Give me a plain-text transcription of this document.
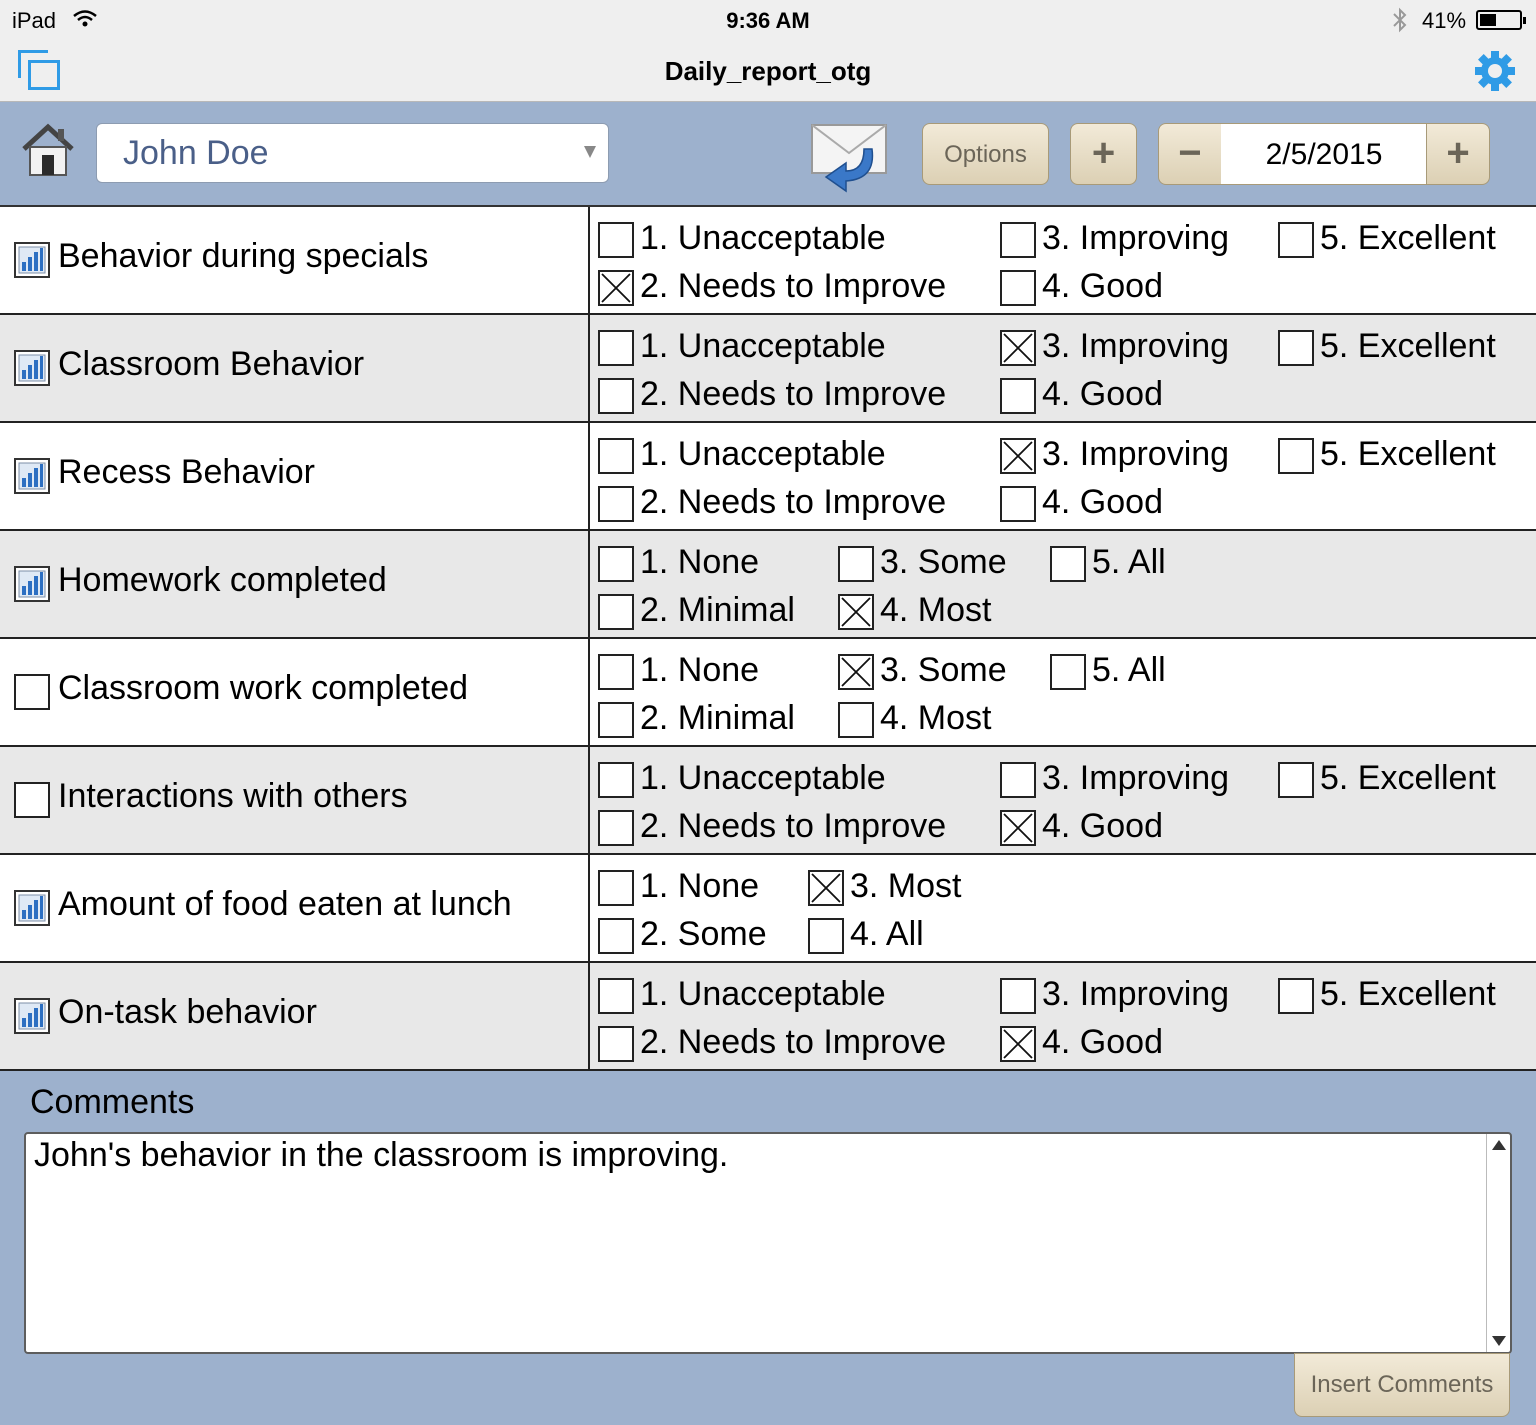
iPad	9:36 AM	41%
Daily_report_otg
John Doe	Options	+	−	2/5/2015	+
Behavior during specials	1. Unacceptable
2. Needs to Improve
3. Improving
4. Good
5. Excellent
Classroom Behavior	1. Unacceptable
2. Needs to Improve
3. Improving
4. Good
5. Excellent
Recess Behavior	1. Unacceptable
2. Needs to Improve
3. Improving
4. Good
5. Excellent
Homework completed	1. None
2. Minimal
3. Some
4. Most
5. All
Classroom work completed	1. None
2. Minimal
3. Some
4. Most
5. All
Interactions with others	1. Unacceptable
2. Needs to Improve
3. Improving
4. Good
5. Excellent
Amount of food eaten at lunch	1. None
2. Some
3. Most
4. All
On-task behavior	1. Unacceptable
2. Needs to Improve
3. Improving
4. Good
5. Excellent
Comments
John's behavior in the classroom is improving.
Insert Comments
